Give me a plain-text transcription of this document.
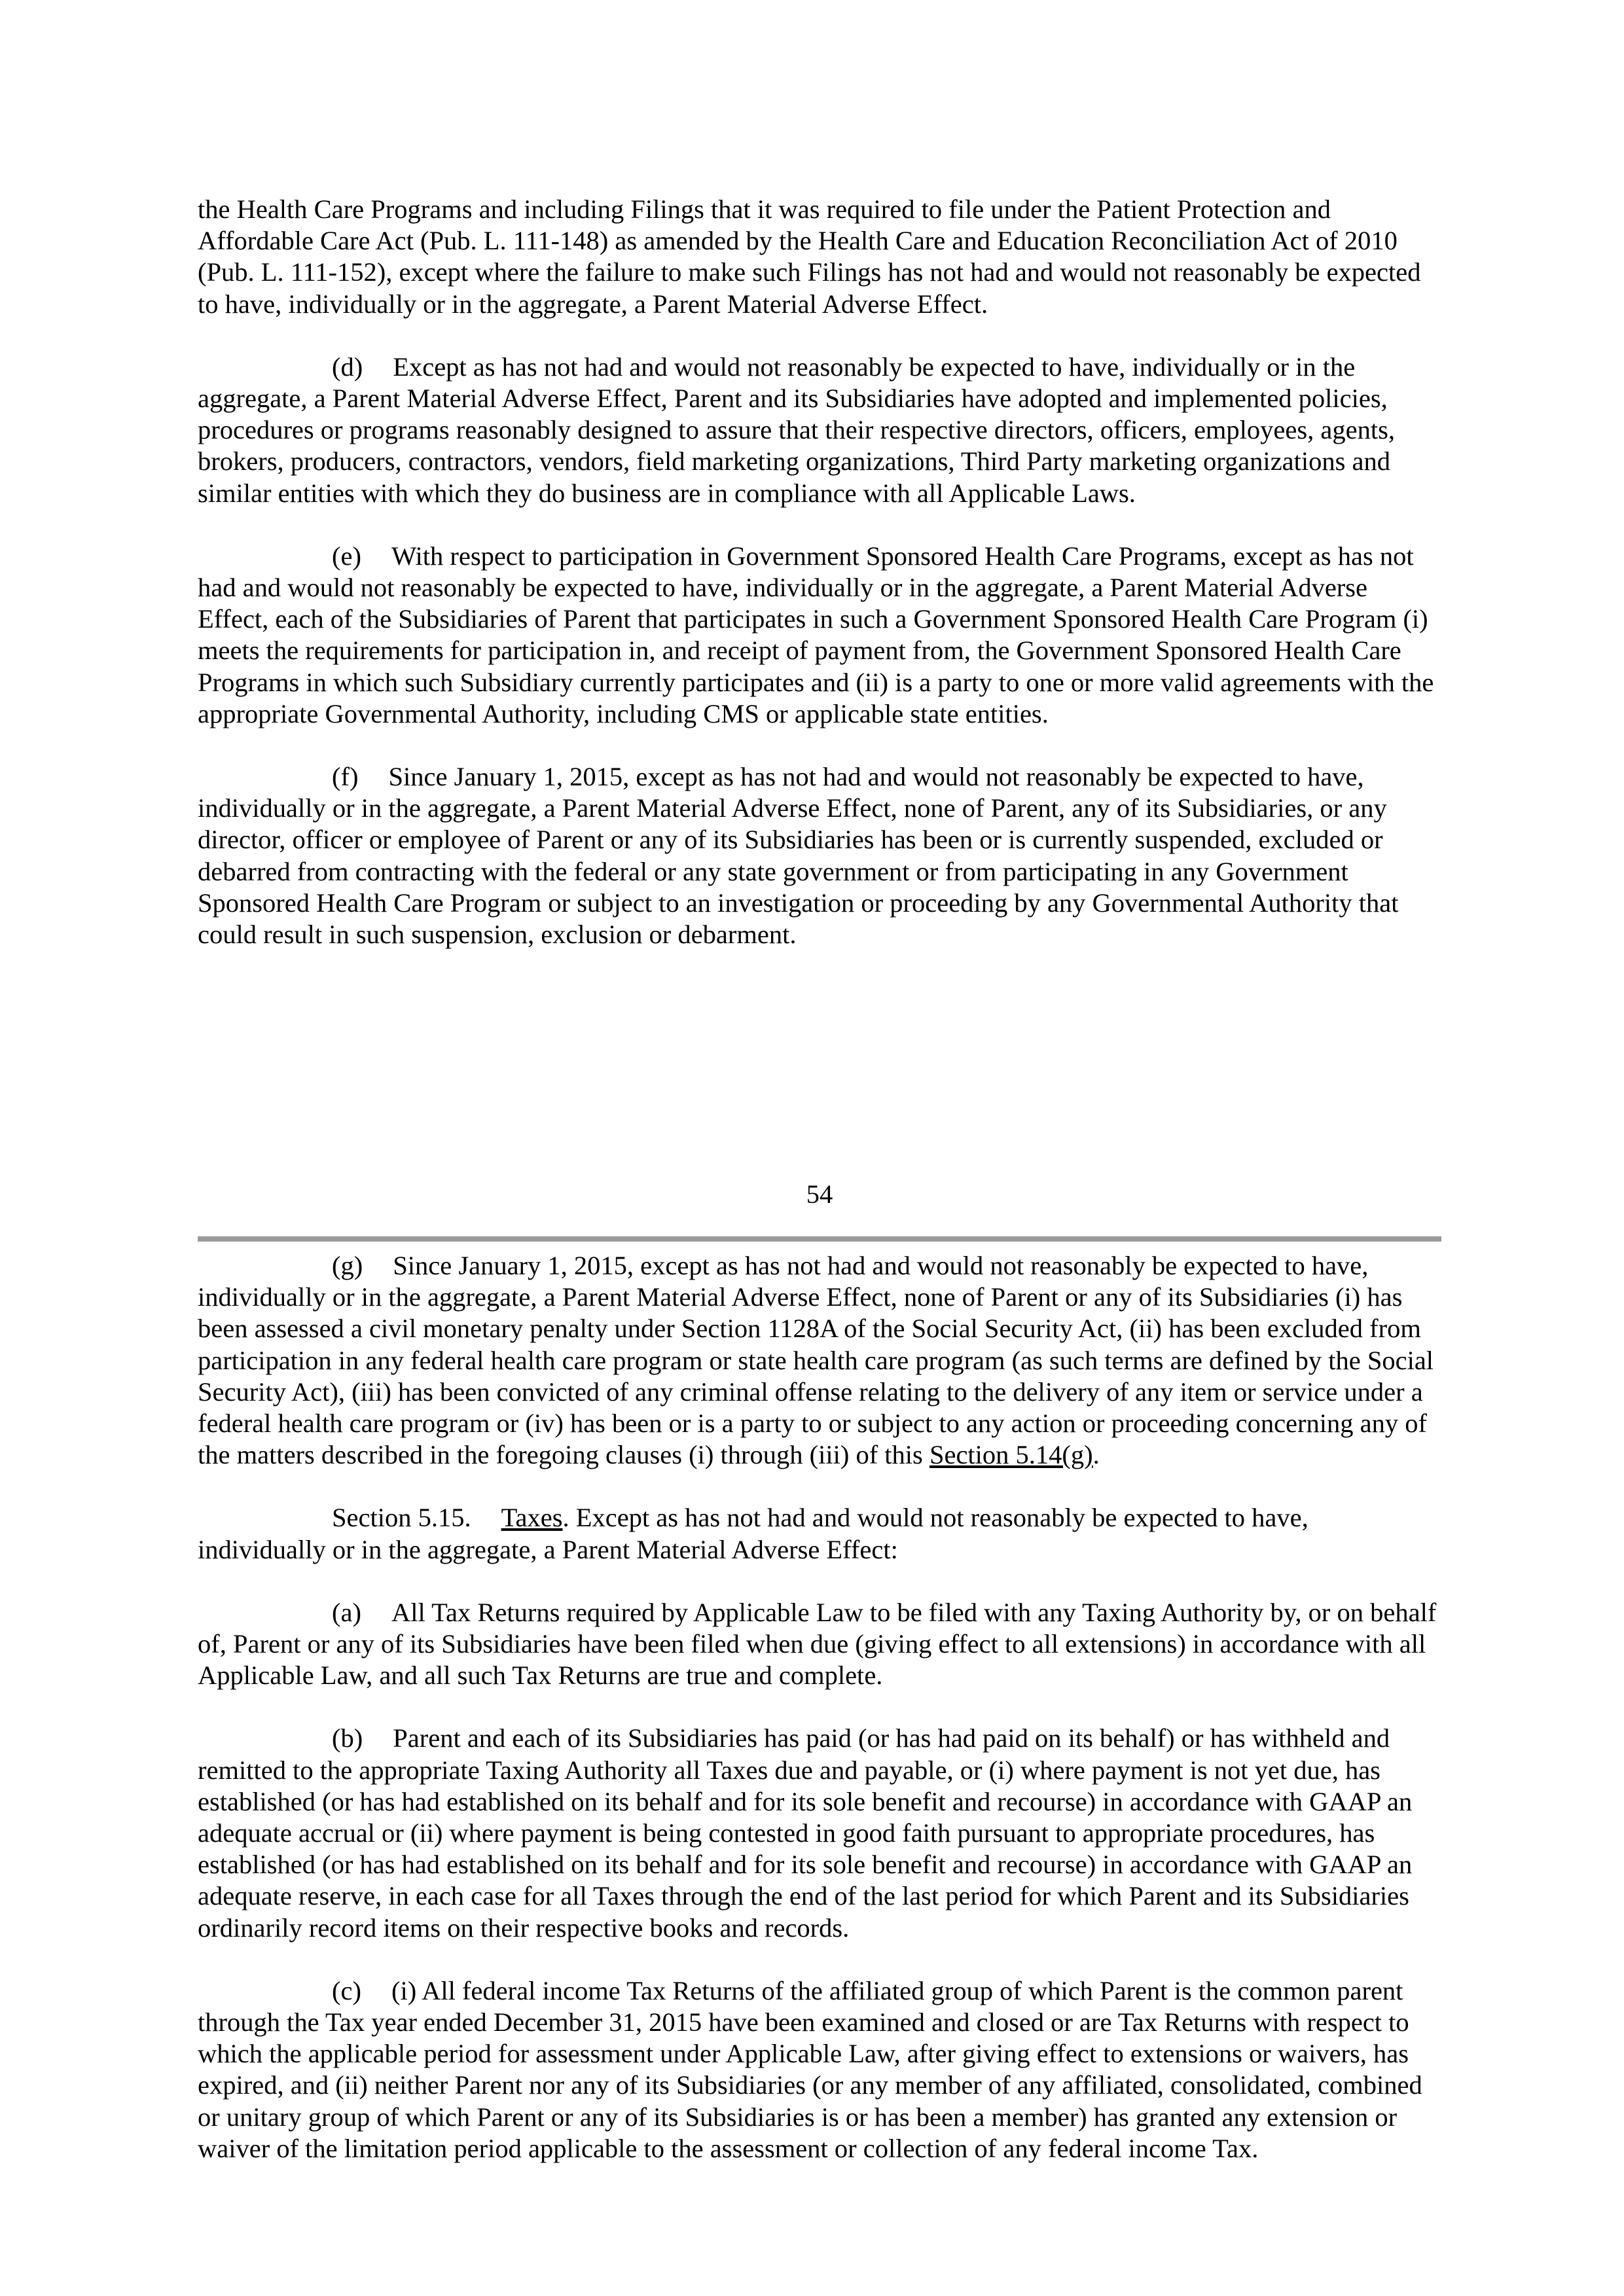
the Health Care Programs and including Filings that it was required to file under the Patient Protection and Affordable Care Act (Pub. L. 111-148) as amended by the Health Care and Education Reconciliation Act of 2010 (Pub. L. 111-152), except where the failure to make such Filings has not had and would not reasonably be expected to have, individually or in the aggregate, a Parent Material Adverse Effect.

(d) Except as has not had and would not reasonably be expected to have, individually or in the aggregate, a Parent Material Adverse Effect, Parent and its Subsidiaries have adopted and implemented policies, procedures or programs reasonably designed to assure that their respective directors, officers, employees, agents, brokers, producers, contractors, vendors, field marketing organizations, Third Party marketing organizations and similar entities with which they do business are in compliance with all Applicable Laws.

(e) With respect to participation in Government Sponsored Health Care Programs, except as has not had and would not reasonably be expected to have, individually or in the aggregate, a Parent Material Adverse Effect, each of the Subsidiaries of Parent that participates in such a Government Sponsored Health Care Program (i) meets the requirements for participation in, and receipt of payment from, the Government Sponsored Health Care Programs in which such Subsidiary currently participates and (ii) is a party to one or more valid agreements with the appropriate Governmental Authority, including CMS or applicable state entities.

(f) Since January 1, 2015, except as has not had and would not reasonably be expected to have, individually or in the aggregate, a Parent Material Adverse Effect, none of Parent, any of its Subsidiaries, or any director, officer or employee of Parent or any of its Subsidiaries has been or is currently suspended, excluded or debarred from contracting with the federal or any state government or from participating in any Government Sponsored Health Care Program or subject to an investigation or proceeding by any Governmental Authority that could result in such suspension, exclusion or debarment.

54

(g) Since January 1, 2015, except as has not had and would not reasonably be expected to have, individually or in the aggregate, a Parent Material Adverse Effect, none of Parent or any of its Subsidiaries (i) has been assessed a civil monetary penalty under Section 1128A of the Social Security Act, (ii) has been excluded from participation in any federal health care program or state health care program (as such terms are defined by the Social Security Act), (iii) has been convicted of any criminal offense relating to the delivery of any item or service under a federal health care program or (iv) has been or is a party to or subject to any action or proceeding concerning any of the matters described in the foregoing clauses (i) through (iii) of this Section 5.14(g).

Section 5.15. Taxes. Except as has not had and would not reasonably be expected to have, individually or in the aggregate, a Parent Material Adverse Effect:

(a) All Tax Returns required by Applicable Law to be filed with any Taxing Authority by, or on behalf of, Parent or any of its Subsidiaries have been filed when due (giving effect to all extensions) in accordance with all Applicable Law, and all such Tax Returns are true and complete.

(b) Parent and each of its Subsidiaries has paid (or has had paid on its behalf) or has withheld and remitted to the appropriate Taxing Authority all Taxes due and payable, or (i) where payment is not yet due, has established (or has had established on its behalf and for its sole benefit and recourse) in accordance with GAAP an adequate accrual or (ii) where payment is being contested in good faith pursuant to appropriate procedures, has established (or has had established on its behalf and for its sole benefit and recourse) in accordance with GAAP an adequate reserve, in each case for all Taxes through the end of the last period for which Parent and its Subsidiaries ordinarily record items on their respective books and records.

(c) (i) All federal income Tax Returns of the affiliated group of which Parent is the common parent through the Tax year ended December 31, 2015 have been examined and closed or are Tax Returns with respect to which the applicable period for assessment under Applicable Law, after giving effect to extensions or waivers, has expired, and (ii) neither Parent nor any of its Subsidiaries (or any member of any affiliated, consolidated, combined or unitary group of which Parent or any of its Subsidiaries is or has been a member) has granted any extension or waiver of the limitation period applicable to the assessment or collection of any federal income Tax.
